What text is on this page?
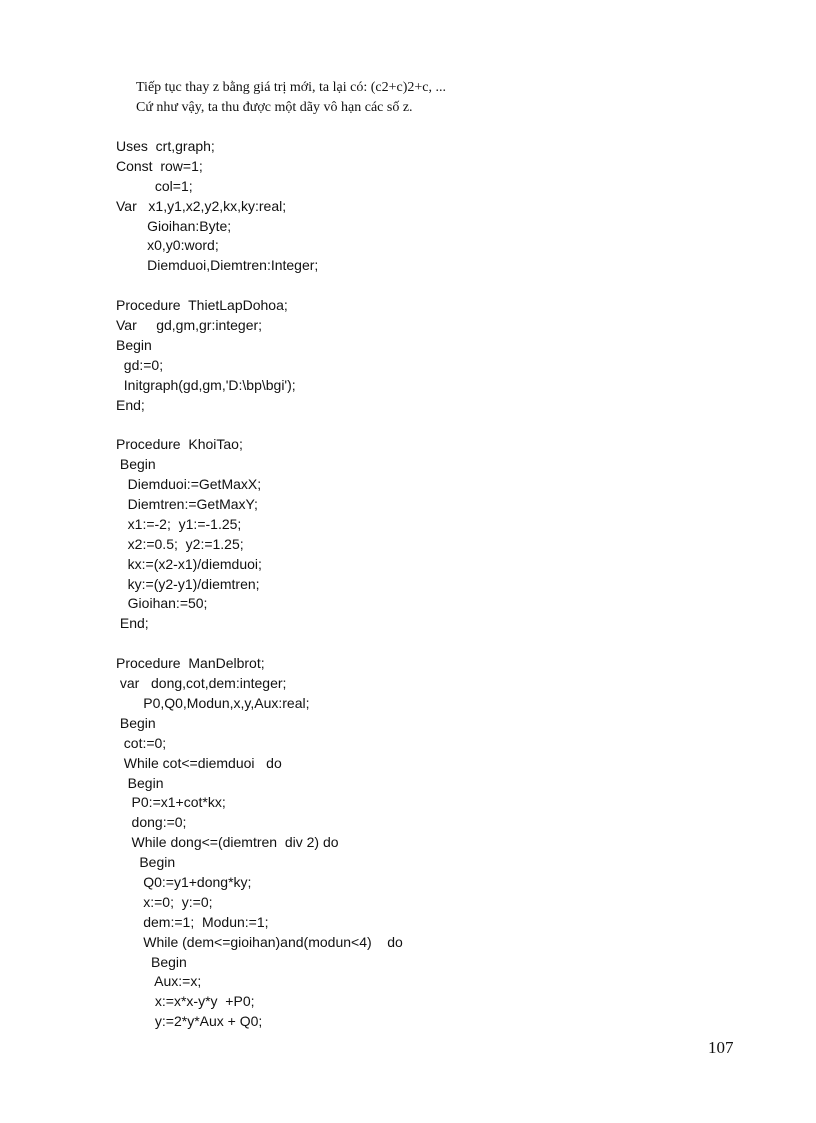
Tiếp tục thay z bằng giá trị mới, ta lại có: (c2+c)2+c, ...
Cứ như vậy, ta thu được một dãy vô hạn các số z.
Uses  crt,graph;
Const  row=1;
col=1;
Var   x1,y1,x2,y2,kx,ky:real;
Gioihan:Byte;
x0,y0:word;
Diemduoi,Diemtren:Integer;
Procedure  ThietLapDohoa;
Var     gd,gm,gr:integer;
Begin
gd:=0;
Initgraph(gd,gm,'D:\bp\bgi');
End;
Procedure  KhoiTao;
Begin
Diemduoi:=GetMaxX;
Diemtren:=GetMaxY;
x1:=-2;  y1:=-1.25;
x2:=0.5;  y2:=1.25;
kx:=(x2-x1)/diemduoi;
ky:=(y2-y1)/diemtren;
Gioihan:=50;
End;
Procedure  ManDelbrot;
var   dong,cot,dem:integer;
P0,Q0,Modun,x,y,Aux:real;
Begin
cot:=0;
While cot<=diemduoi   do
Begin
P0:=x1+cot*kx;
dong:=0;
While dong<=(diemtren  div 2) do
Begin
Q0:=y1+dong*ky;
x:=0;  y:=0;
dem:=1;  Modun:=1;
While (dem<=gioihan)and(modun<4)    do
Begin
Aux:=x;
x:=x*x-y*y  +P0;
y:=2*y*Aux + Q0;
107
